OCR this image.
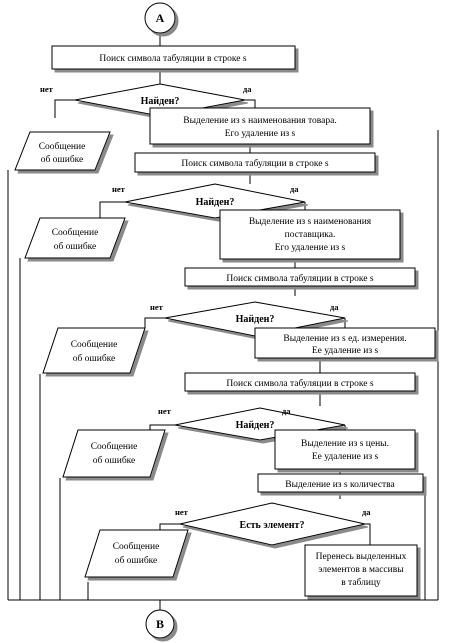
A
Поиск символа табуляции в строке s
Найден?
нет	да
Сообщение
об ошибке
Выделение из s наименования товара.
Его удаление из s
Поиск символа табуляции в строке s
Найден?
нет	да
Сообщение
об ошибке
Выделение из s наименования
поставщика.
Его удаление из s
Поиск символа табуляции в строке s
Найден?
нет	да
Сообщение
об ошибке
Выделение из s ед. измерения.
Ее удаление из s
Поиск символа табуляции в строке s
Найден?
нет	да
Сообщение
об ошибке
Выделение из s цены.
Ее удаление из s
Выделение из s количества
Есть элемент?
нет	да
Сообщение
об ошибке	Перенесь выделенных
элементов в массивы
в таблицу
B
